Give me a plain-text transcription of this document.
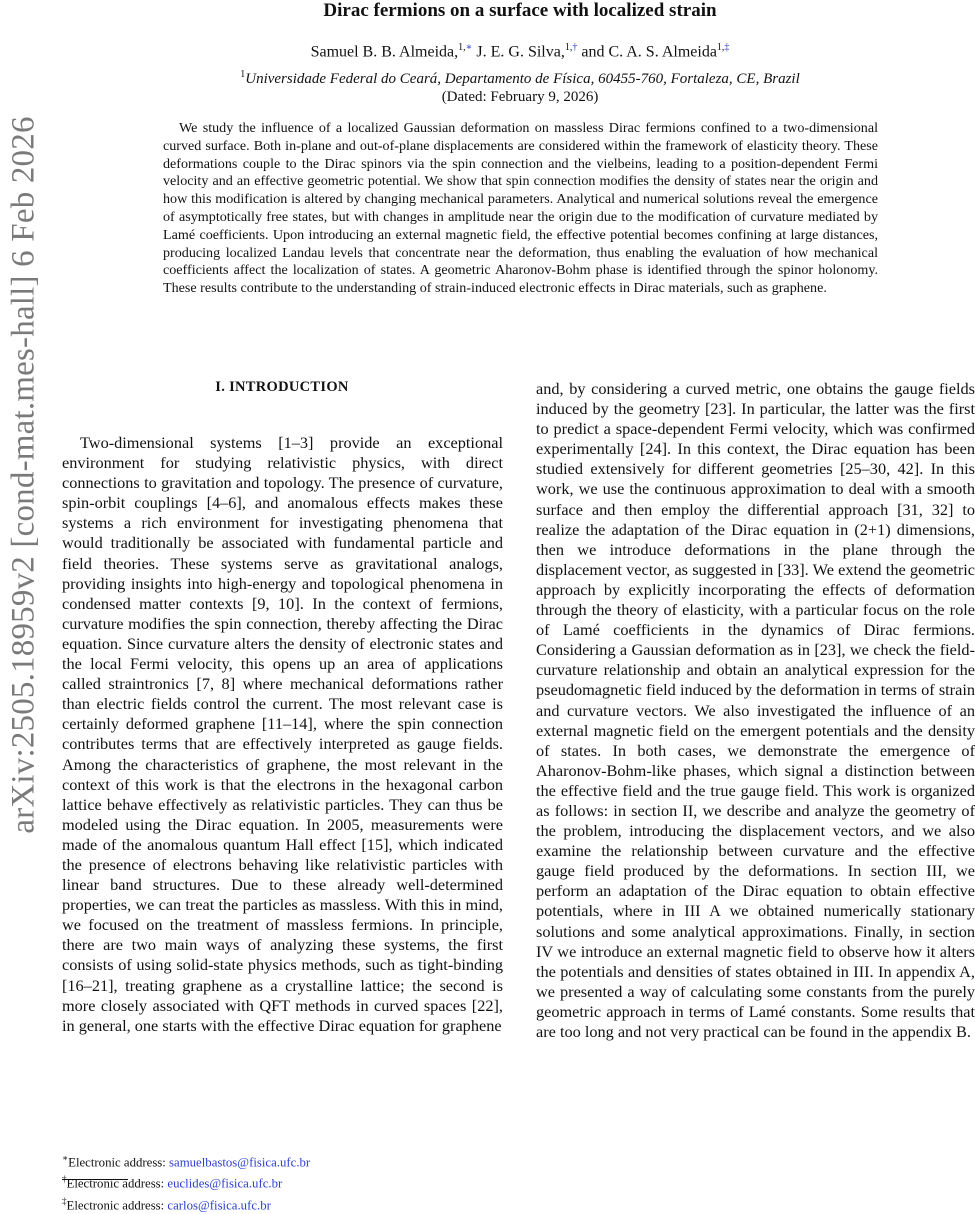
arXiv:2505.18959v2 [cond-mat.mes-hall] 6 Feb 2026
Dirac fermions on a surface with localized strain
Samuel B. B. Almeida,$^{1,∗}$ J. E. G. Silva,$^{1,\dagger}$ and C. A. S. Almeida$^{1,\ddagger}$
$^1$Universidade Federal do Ceará, Departamento de Física, 60455-760, Fortaleza, CE, Brazil
(Dated: February 9, 2026)

We study the influence of a localized Gaussian deformation on massless Dirac fermions confined to a two-dimensional curved surface. Both in-plane and out-of-plane displacements are considered within the framework of elasticity theory. These deformations couple to the Dirac spinors via the spin connection and the vielbeins, leading to a position-dependent Fermi velocity and an effective geometric potential. We show that spin connection modifies the density of states near the origin and how this modification is altered by changing mechanical parameters. Analytical and numerical solutions reveal the emergence of asymptotically free states, but with changes in amplitude near the origin due to the modification of curvature mediated by Lamé coefficients. Upon introducing an external magnetic field, the effective potential becomes confining at large distances, producing localized Landau levels that concentrate near the deformation, thus enabling the evaluation of how mechanical coefficients affect the localization of states. A geometric Aharonov-Bohm phase is identified through the spinor holonomy. These results contribute to the understanding of strain-induced electronic effects in Dirac materials, such as graphene.

I. INTRODUCTION

Two-dimensional systems [1–3] provide an exceptional environment for studying relativistic physics, with direct connections to gravitation and topology. The presence of curvature, spin-orbit couplings [4–6], and anomalous effects makes these systems a rich environment for investigating phenomena that would traditionally be associated with fundamental particle and field theories. These systems serve as gravitational analogs, providing insights into high-energy and topological phenomena in condensed matter contexts [9, 10]. In the context of fermions, curvature modifies the spin connection, thereby affecting the Dirac equation. Since curvature alters the density of electronic states and the local Fermi velocity, this opens up an area of applications called straintronics [7, 8] where mechanical deformations rather than electric fields control the current. The most relevant case is certainly deformed graphene [11–14], where the spin connection contributes terms that are effectively interpreted as gauge fields. Among the characteristics of graphene, the most relevant in the context of this work is that the electrons in the hexagonal carbon lattice behave effectively as relativistic particles. They can thus be modeled using the Dirac equation. In 2005, measurements were made of the anomalous quantum Hall effect [15], which indicated the presence of electrons behaving like relativistic particles with linear band structures. Due to these already well-determined properties, we can treat the particles as massless. With this in mind, we focused on the treatment of massless fermions. In principle, there are two main ways of analyzing these systems, the first consists of using solid-state physics methods, such as tight-binding [16–21], treating graphene as a crystalline lattice; the second is more closely associated with QFT methods in curved spaces [22], in general, one starts with the effective Dirac equation for graphene

and, by considering a curved metric, one obtains the gauge fields induced by the geometry [23]. In particular, the latter was the first to predict a space-dependent Fermi velocity, which was confirmed experimentally [24]. In this context, the Dirac equation has been studied extensively for different geometries [25–30, 42]. In this work, we use the continuous approximation to deal with a smooth surface and then employ the differential approach [31, 32] to realize the adaptation of the Dirac equation in (2+1) dimensions, then we introduce deformations in the plane through the displacement vector, as suggested in [33]. We extend the geometric approach by explicitly incorporating the effects of deformation through the theory of elasticity, with a particular focus on the role of Lamé coefficients in the dynamics of Dirac fermions. Considering a Gaussian deformation as in [23], we check the field-curvature relationship and obtain an analytical expression for the pseudomagnetic field induced by the deformation in terms of strain and curvature vectors. We also investigated the influence of an external magnetic field on the emergent potentials and the density of states. In both cases, we demonstrate the emergence of Aharonov-Bohm-like phases, which signal a distinction between the effective field and the true gauge field. This work is organized as follows: in section II, we describe and analyze the geometry of the problem, introducing the displacement vectors, and we also examine the relationship between curvature and the effective gauge field produced by the deformations. In section III, we perform an adaptation of the Dirac equation to obtain effective potentials, where in III A we obtained numerically stationary solutions and some analytical approximations. Finally, in section IV we introduce an external magnetic field to observe how it alters the potentials and densities of states obtained in III. In appendix A, we presented a way of calculating some constants from the purely geometric approach in terms of Lamé constants. Some results that are too long and not very practical can be found in the appendix B.

∗Electronic address: samuelbastos@fisica.ufc.br
†Electronic address: euclides@fisica.ufc.br
‡Electronic address: carlos@fisica.ufc.br
